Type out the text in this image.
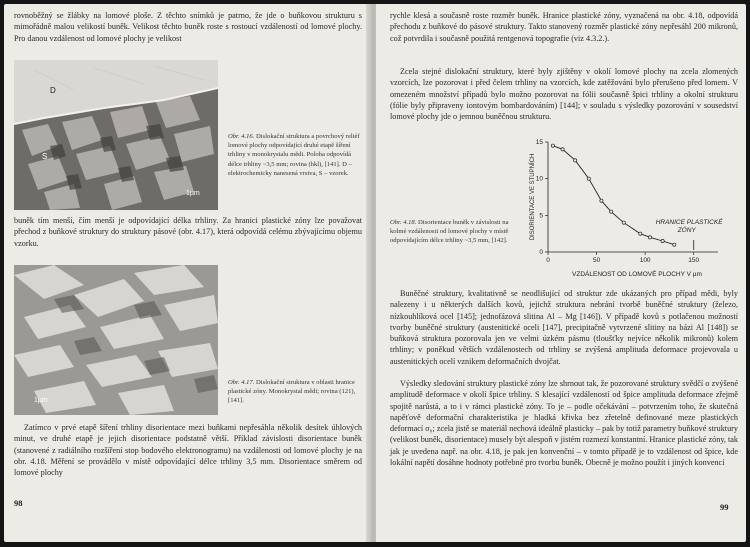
rovnoběžný se žlábky na lomové ploše. Z těchto snímků je patrno, že jde o buňkovou strukturu s mimořádně malou velikostí buněk. Velikost těchto buněk roste s rostoucí vzdáleností od lomové plochy. Pro danou vzdálenost od lomové plochy je velikost
S
D
1µm
Obr. 4.16. Dislokační struktura a povrchový reliéf lomové plochy odpovídající druhé etapě šíření trhliny v monokrystalu mědi. Poloha odpovídá délce trhliny ~3,5 mm; rovina (hkl), [141]. D – elektrochemicky nanesená vrstva, S – vzorek.
buněk tím menší, čím menší je odpovídající délka trhliny. Za hranici plastické zóny lze považovat přechod z buňkové struktury do struktury pásové (obr. 4.17), která odpovídá celému zbývajícímu objemu vzorku.
1µm
Obr. 4.17. Dislokační struktura v oblasti hranice plastické zóny. Monokrystal mědi; rovina (121), [141].
Zatímco v prvé etapě šíření trhliny disorientace mezi buňkami nepřesáhla několik desítek úhlových minut, ve druhé etapě je jejich disorientace podstatně větší. Příklad závislosti disorientace buněk (stanovené z radiálního rozšíření stop bodového elektronogramu) na vzdálenosti od lomové plochy je na obr. 4.18. Měření se provádělo v místě odpovídající délce trhliny 3,5 mm. Disorientace směrem od lomové plochy
98
rychle klesá a současně roste rozměr buněk. Hranice plastické zóny, vyznačená na obr. 4.18, odpovídá přechodu z buňkové do pásové struktury. Takto stanovený rozměr plastické zóny nepřesáhl 200 mikronů, což potvrdila i současně použitá rentgenová topografie (viz 4.3.2.).
Zcela stejné dislokační struktury, které byly zjištěny v okolí lomové plochy na zcela zlomených vzorcích, lze pozorovat i před čelem trhliny na vzorcích, kde zatěžování bylo přerušeno před lomem. V omezeném množství případů bylo možno pozorovat na fólii současně špici trhliny a okolní strukturu (fólie byly připraveny iontovým bombardováním) [144]; v souladu s výsledky pozorování v sousedství lomové plochy jde o jemnou buněčnou strukturu.
0	50	100	150
0
5
10
15
HRANICE PLASTICKÉ
ZÓNY
DISORIENTACE VE STUPNÍCH
VZDÁLENOST OD LOMOVÉ PLOCHY V µm
Obr. 4.18. Disorientace buněk v závislosti na kolmé vzdálenosti od lomové plochy v místě odpovídajícím délce trhliny ~3,5 mm, [142].
Buněčné struktury, kvalitativně se neodlišující od struktur zde ukázaných pro případ mědi, byly nalezeny i u některých dalších kovů, jejichž struktura nebrání tvorbě buněčné struktury (železo, nízkouhlíková ocel [145]; jednofázová slitina Al – Mg [146]). V případě kovů s potlačenou možností tvorby buněčné struktury (austenitické oceli [147], precipitačně vytvrzené slitiny na bázi Al [148]) se buňková struktura pozorovala jen ve velmi úzkém pásmu (tloušťky nejvíce několik mikronů) kolem trhliny; v poněkud větších vzdálenostech od trhliny se zvýšená amplituda deformace projevovala u austenitických ocelí vznikem deformačních dvojčat.
Výsledky sledování struktury plastické zóny lze shrnout tak, že pozorované struktury svědčí o zvýšené amplitudě deformace v okolí špice trhliny. S klesající vzdáleností od špice amplituda deformace zřejmě spojitě narůstá, a to i v rámci plastické zóny. To je – podle očekávání – potvrzením toho, že skutečná napěťově deformační charakteristika je hladká křivka bez zřetelně definované meze plastických deformací σ₀; zcela jistě se materiál nechová ideálně plasticky – pak by totiž parametry buňkové struktury (velikost buněk, disorientace) musely být alespoň v jistém rozmezí konstantní. Hranice plastické zóny, tak jak je uvedena např. na obr. 4.18, je pak jen konvenční – v tomto případě je to vzdálenost od špice, kde lokální napětí dosáhne hodnoty potřebné pro tvorbu buněk. Obecně je možno použít i jiných konvencí
99
